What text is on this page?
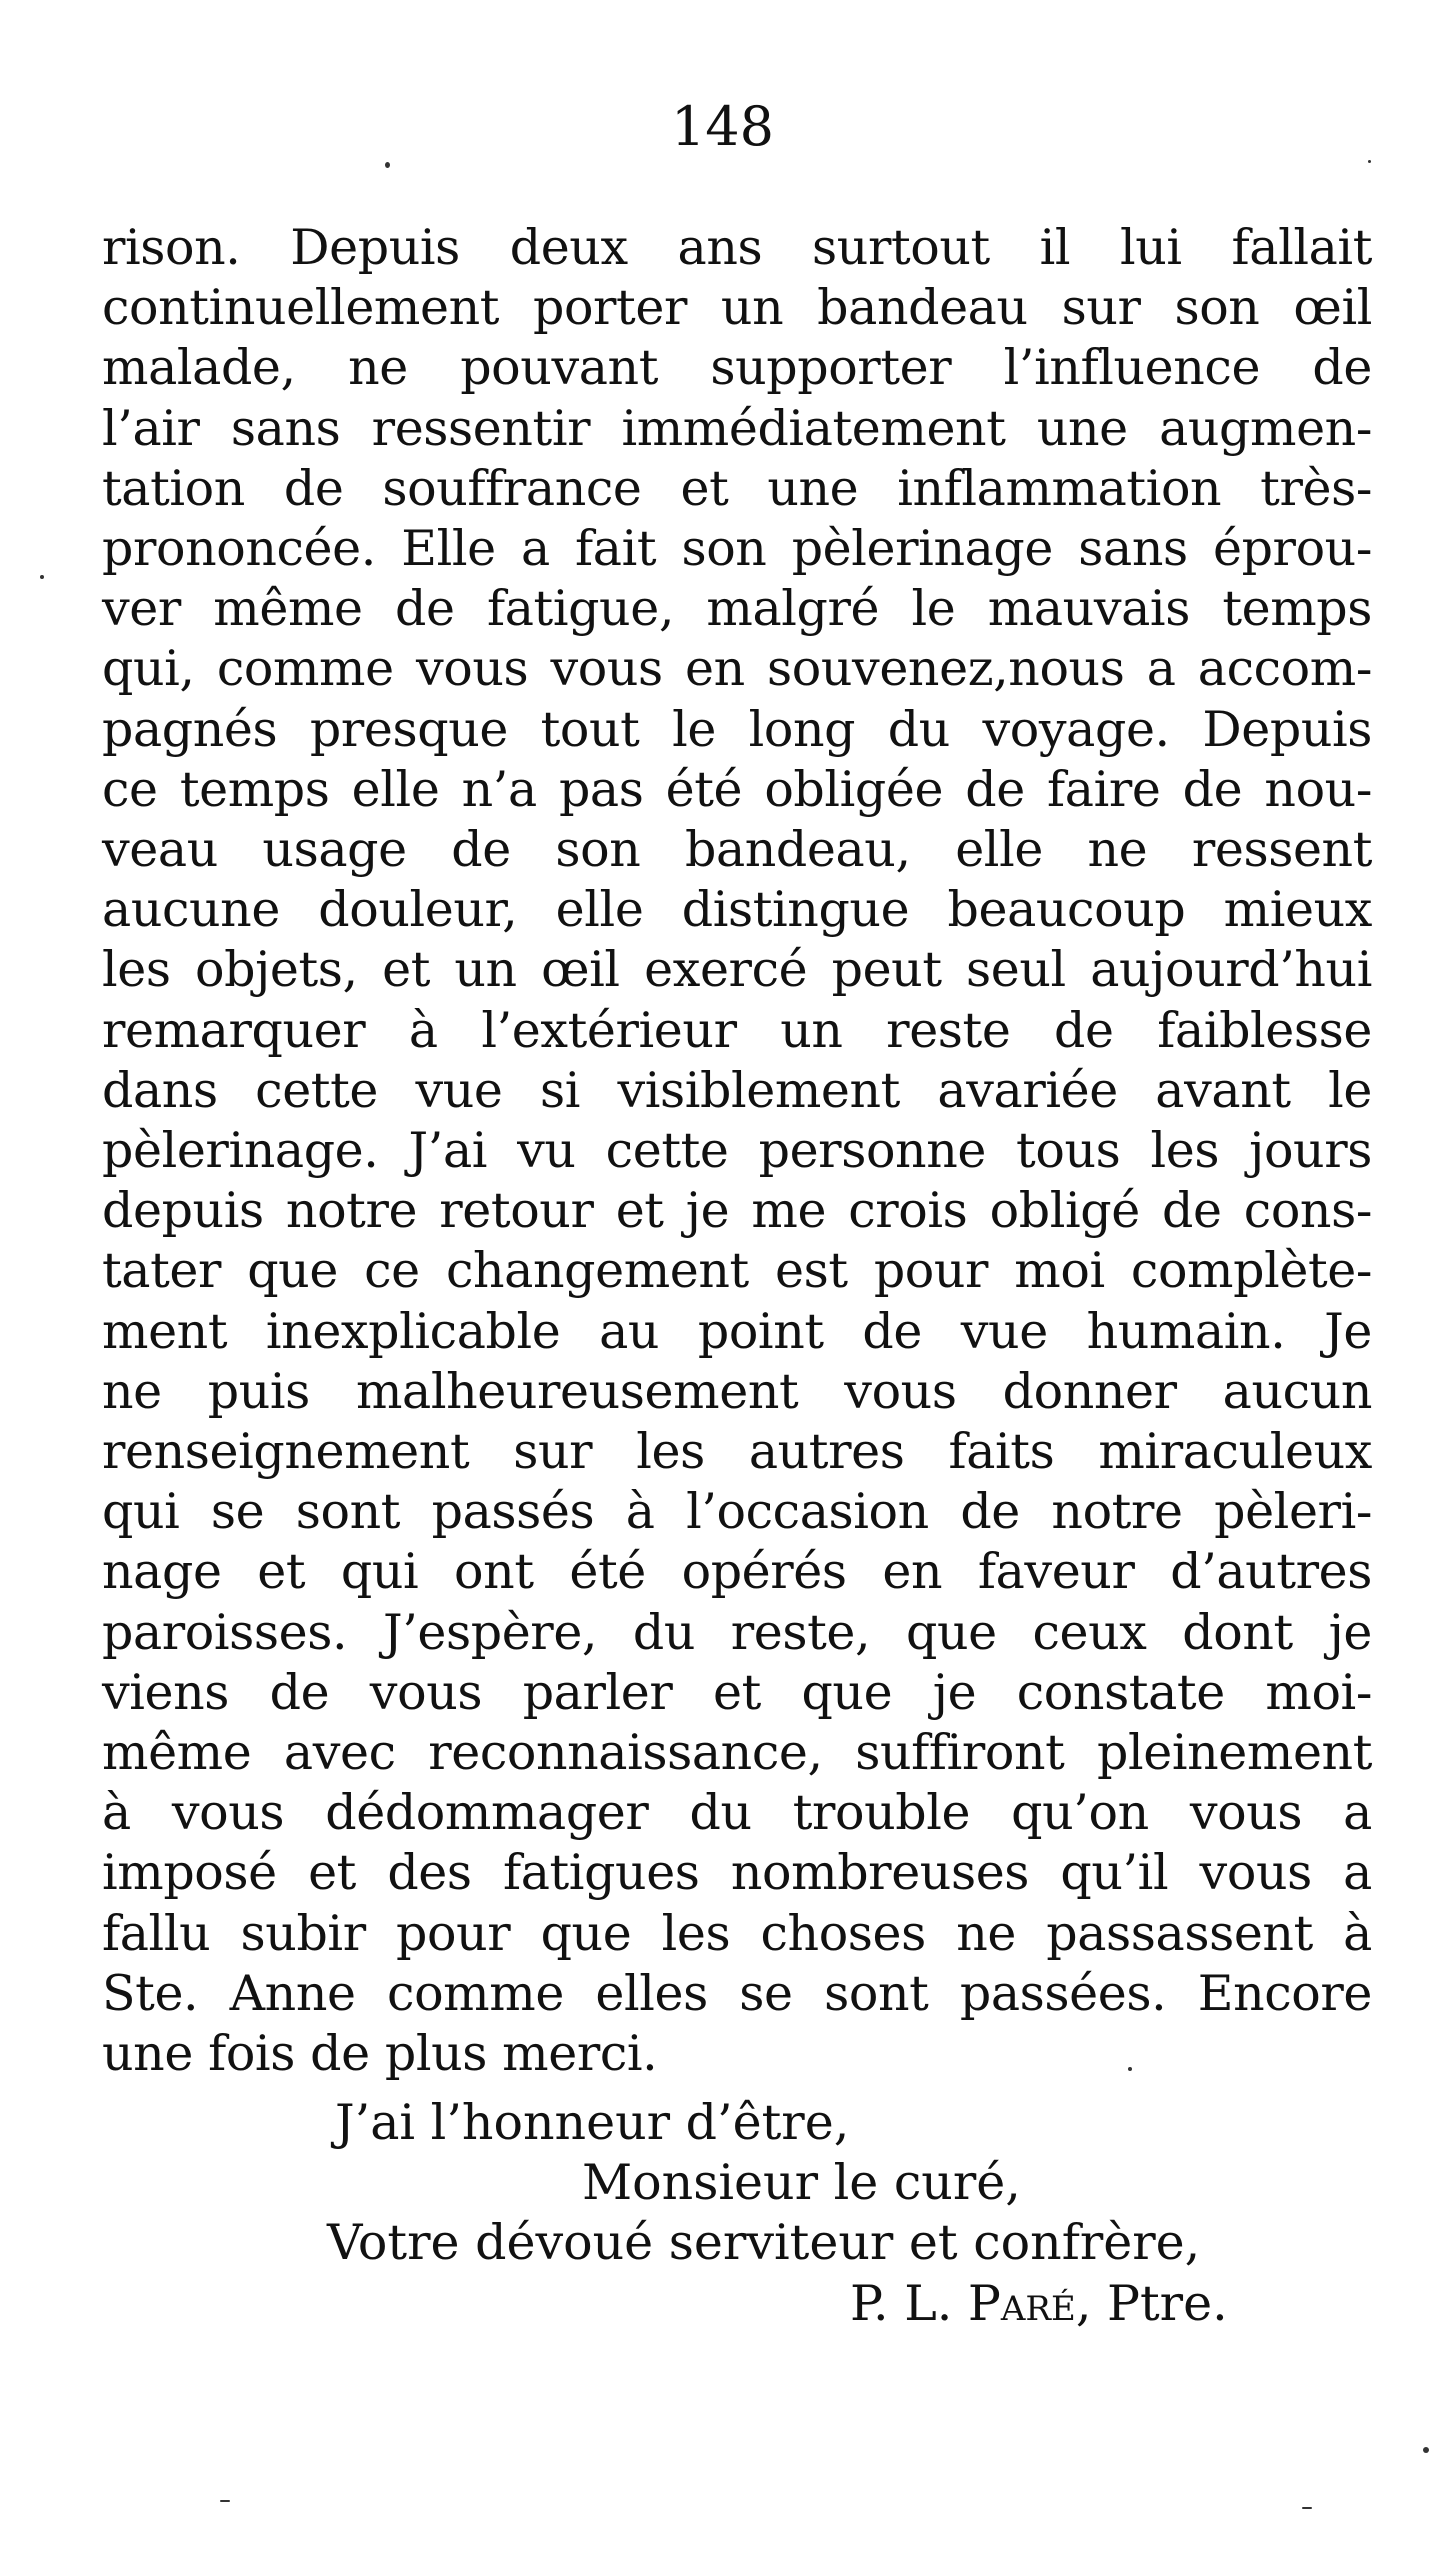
148
rison. Depuis deux ans surtout il lui fallait
continuellement porter un bandeau sur son œil
malade, ne pouvant supporter l’influence de
l’air sans ressentir immédiatement une augmen-
tation de souffrance et une inflammation très-
prononcée. Elle a fait son pèlerinage sans éprou-
ver même de fatigue, malgré le mauvais temps
qui, comme vous vous en souvenez,nous a accom-
pagnés presque tout le long du voyage. Depuis
ce temps elle n’a pas été obligée de faire de nou-
veau usage de son bandeau, elle ne ressent
aucune douleur, elle distingue beaucoup mieux
les objets, et un œil exercé peut seul aujourd’hui
remarquer à l’extérieur un reste de faiblesse
dans cette vue si visiblement avariée avant le
pèlerinage. J’ai vu cette personne tous les jours
depuis notre retour et je me crois obligé de cons-
tater que ce changement est pour moi complète-
ment inexplicable au point de vue humain. Je
ne puis malheureusement vous donner aucun
renseignement sur les autres faits miraculeux
qui se sont passés à l’occasion de notre pèleri-
nage et qui ont été opérés en faveur d’autres
paroisses. J’espère, du reste, que ceux dont je
viens de vous parler et que je constate moi-
même avec reconnaissance, suffiront pleinement
à vous dédommager du trouble qu’on vous a
imposé et des fatigues nombreuses qu’il vous a
fallu subir pour que les choses ne passassent à
Ste. Anne comme elles se sont passées. Encore
une fois de plus merci.
J’ai l’honneur d’être,
Monsieur le curé,
Votre dévoué serviteur et confrère,
P. L. Paré, Ptre.
